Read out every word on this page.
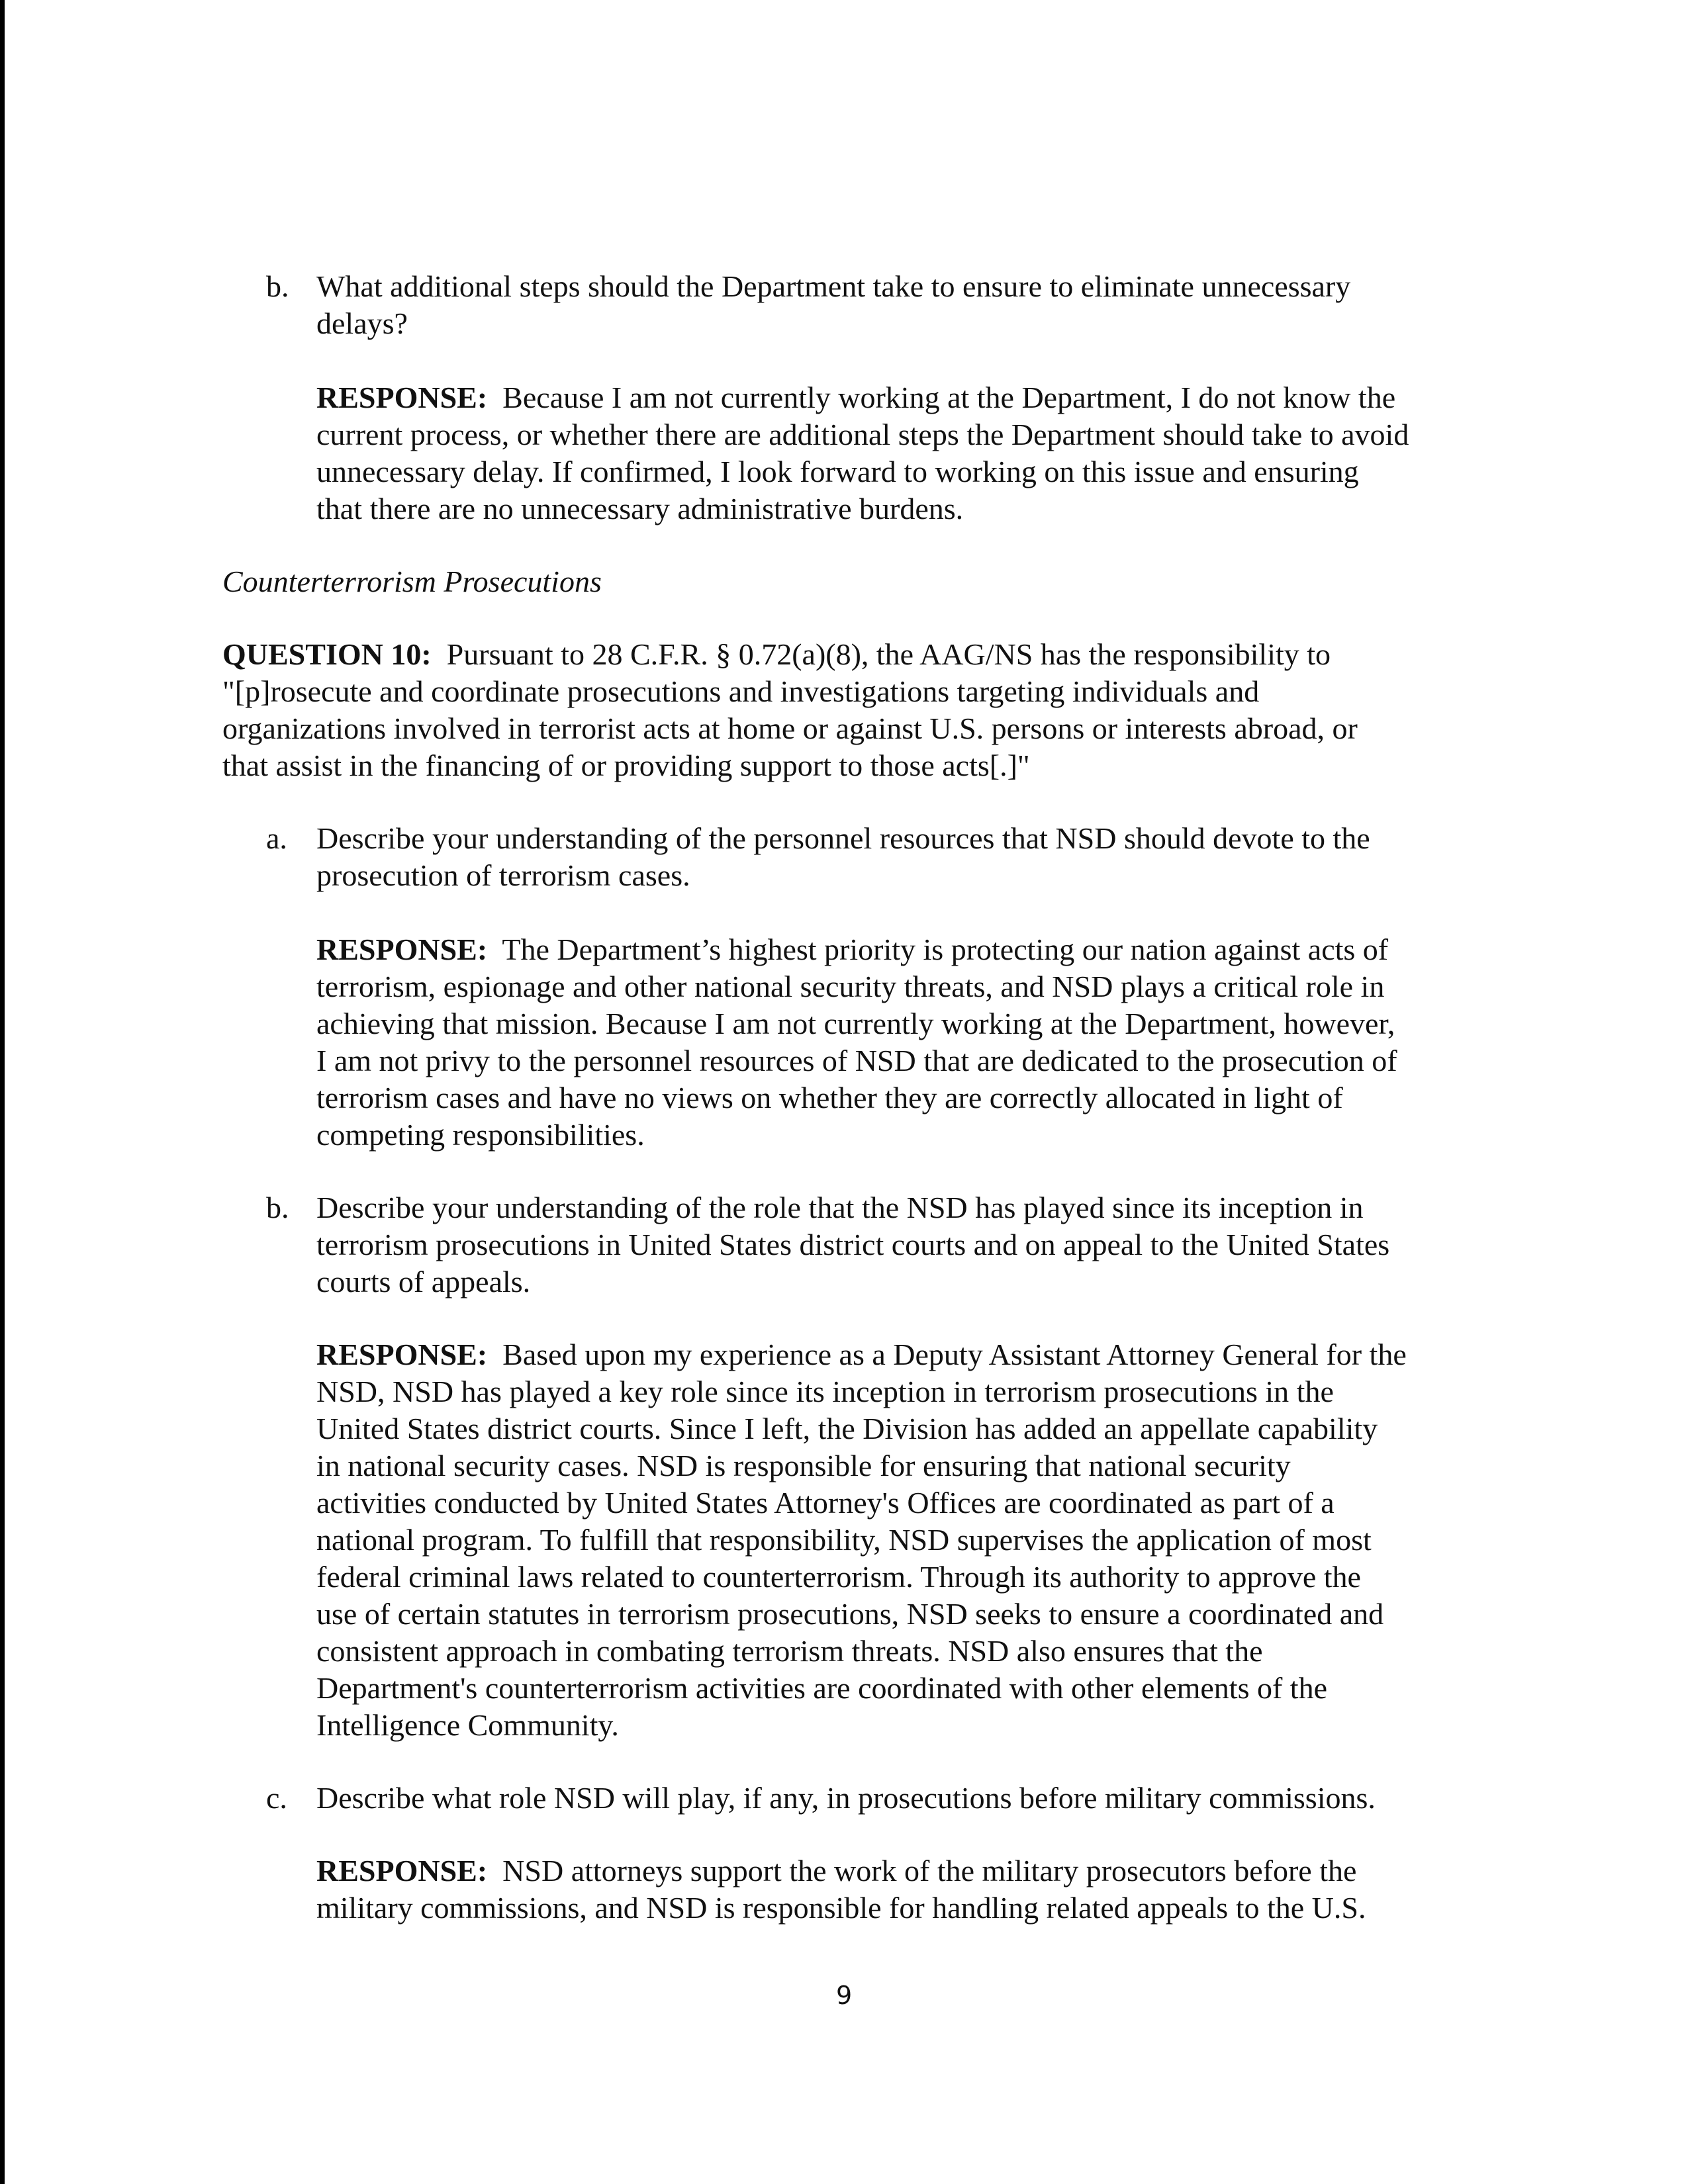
b. What additional steps should the Department take to ensure to eliminate unnecessary
delays?
RESPONSE: Because I am not currently working at the Department, I do not know the
current process, or whether there are additional steps the Department should take to avoid
unnecessary delay. If confirmed, I look forward to working on this issue and ensuring
that there are no unnecessary administrative burdens.
Counterterrorism Prosecutions
QUESTION 10: Pursuant to 28 C.F.R. § 0.72(a)(8), the AAG/NS has the responsibility to
"[p]rosecute and coordinate prosecutions and investigations targeting individuals and
organizations involved in terrorist acts at home or against U.S. persons or interests abroad, or
that assist in the financing of or providing support to those acts[.]"
a. Describe your understanding of the personnel resources that NSD should devote to the
prosecution of terrorism cases.
RESPONSE: The Department’s highest priority is protecting our nation against acts of
terrorism, espionage and other national security threats, and NSD plays a critical role in
achieving that mission. Because I am not currently working at the Department, however,
I am not privy to the personnel resources of NSD that are dedicated to the prosecution of
terrorism cases and have no views on whether they are correctly allocated in light of
competing responsibilities.
b. Describe your understanding of the role that the NSD has played since its inception in
terrorism prosecutions in United States district courts and on appeal to the United States
courts of appeals.
RESPONSE: Based upon my experience as a Deputy Assistant Attorney General for the
NSD, NSD has played a key role since its inception in terrorism prosecutions in the
United States district courts. Since I left, the Division has added an appellate capability
in national security cases. NSD is responsible for ensuring that national security
activities conducted by United States Attorney's Offices are coordinated as part of a
national program. To fulfill that responsibility, NSD supervises the application of most
federal criminal laws related to counterterrorism. Through its authority to approve the
use of certain statutes in terrorism prosecutions, NSD seeks to ensure a coordinated and
consistent approach in combating terrorism threats. NSD also ensures that the
Department's counterterrorism activities are coordinated with other elements of the
Intelligence Community.
c. Describe what role NSD will play, if any, in prosecutions before military commissions.
RESPONSE:  NSD attorneys support the work of the military prosecutors before the
military commissions, and NSD is responsible for handling related appeals to the U.S.
9
